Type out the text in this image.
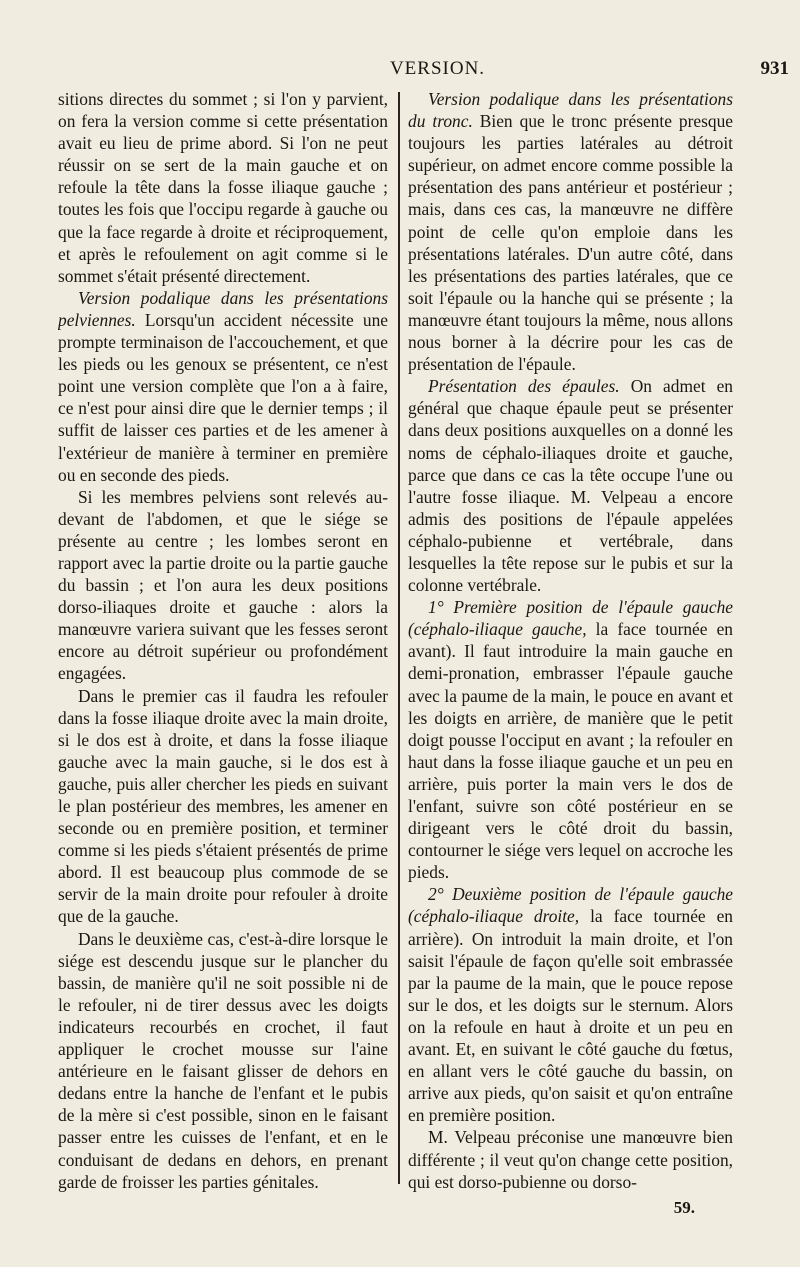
VERSION.	931

sitions directes du sommet ; si l'on y parvient, on fera la version comme si cette présentation avait eu lieu de prime abord. Si l'on ne peut réussir on se sert de la main gauche et on refoule la tête dans la fosse iliaque gauche ; toutes les fois que l'occipu regarde à gauche ou que la face regarde à droite et réciproquement, et après le refoulement on agit comme si le sommet s'était présenté directement.

Version podalique dans les présentations pelviennes. Lorsqu'un accident nécessite une prompte terminaison de l'accouchement, et que les pieds ou les genoux se présentent, ce n'est point une version complète que l'on a à faire, ce n'est pour ainsi dire que le dernier temps ; il suffit de laisser ces parties et de les amener à l'extérieur de manière à terminer en première ou en seconde des pieds.

Si les membres pelviens sont relevés au-devant de l'abdomen, et que le siége se présente au centre ; les lombes seront en rapport avec la partie droite ou la partie gauche du bassin ; et l'on aura les deux positions dorso-iliaques droite et gauche : alors la manœuvre variera suivant que les fesses seront encore au détroit supérieur ou profondément engagées.

Dans le premier cas il faudra les refouler dans la fosse iliaque droite avec la main droite, si le dos est à droite, et dans la fosse iliaque gauche avec la main gauche, si le dos est à gauche, puis aller chercher les pieds en suivant le plan postérieur des membres, les amener en seconde ou en première position, et terminer comme si les pieds s'étaient présentés de prime abord. Il est beaucoup plus commode de se servir de la main droite pour refouler à droite que de la gauche.

Dans le deuxième cas, c'est-à-dire lorsque le siége est descendu jusque sur le plancher du bassin, de manière qu'il ne soit possible ni de le refouler, ni de tirer dessus avec les doigts indicateurs recourbés en crochet, il faut appliquer le crochet mousse sur l'aine antérieure en le faisant glisser de dehors en dedans entre la hanche de l'enfant et le pubis de la mère si c'est possible, sinon en le faisant passer entre les cuisses de l'enfant, et en le conduisant de dedans en dehors, en prenant garde de froisser les parties génitales.

Version podalique dans les présentations du tronc. Bien que le tronc présente presque toujours les parties latérales au détroit supérieur, on admet encore comme possible la présentation des pans antérieur et postérieur ; mais, dans ces cas, la manœuvre ne diffère point de celle qu'on emploie dans les présentations latérales. D'un autre côté, dans les présentations des parties latérales, que ce soit l'épaule ou la hanche qui se présente ; la manœuvre étant toujours la même, nous allons nous borner à la décrire pour les cas de présentation de l'épaule.

Présentation des épaules. On admet en général que chaque épaule peut se présenter dans deux positions auxquelles on a donné les noms de céphalo-iliaques droite et gauche, parce que dans ce cas la tête occupe l'une ou l'autre fosse iliaque. M. Velpeau a encore admis des positions de l'épaule appelées céphalo-pubienne et vertébrale, dans lesquelles la tête repose sur le pubis et sur la colonne vertébrale.

1° Première position de l'épaule gauche (céphalo-iliaque gauche, la face tournée en avant). Il faut introduire la main gauche en demi-pronation, embrasser l'épaule gauche avec la paume de la main, le pouce en avant et les doigts en arrière, de manière que le petit doigt pousse l'occiput en avant ; la refouler en haut dans la fosse iliaque gauche et un peu en arrière, puis porter la main vers le dos de l'enfant, suivre son côté postérieur en se dirigeant vers le côté droit du bassin, contourner le siége vers lequel on accroche les pieds.

2° Deuxième position de l'épaule gauche (céphalo-iliaque droite, la face tournée en arrière). On introduit la main droite, et l'on saisit l'épaule de façon qu'elle soit embrassée par la paume de la main, que le pouce repose sur le dos, et les doigts sur le sternum. Alors on la refoule en haut à droite et un peu en avant. Et, en suivant le côté gauche du fœtus, en allant vers le côté gauche du bassin, on arrive aux pieds, qu'on saisit et qu'on entraîne en première position.

M. Velpeau préconise une manœuvre bien différente ; il veut qu'on change cette position, qui est dorso-pubienne ou dorso-

59.
